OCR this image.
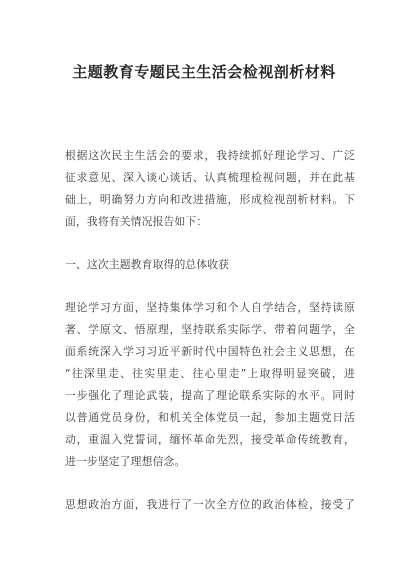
主题教育专题民主生活会检视剖析材料
根据这次民主生活会的要求，我持续抓好理论学习、广泛
征求意见、深入谈心谈话、认真梳理检视问题，并在此基
础上，明确努力方向和改进措施，形成检视剖析材料。下
面，我将有关情况报告如下：
一、这次主题教育取得的总体收获
理论学习方面，坚持集体学习和个人自学结合，坚持读原
著、学原文、悟原理，坚持联系实际学、带着问题学，全
面系统深入学习习近平新时代中国特色社会主义思想，在
“往深里走、往实里走、往心里走”上取得明显突破，进
一步强化了理论武装，提高了理论联系实际的水平。同时
以普通党员身份，和机关全体党员一起，参加主题党日活
动，重温入党誓词，缅怀革命先烈，接受革命传统教育，
进一步坚定了理想信念。
思想政治方面，我进行了一次全方位的政治体检，接受了
